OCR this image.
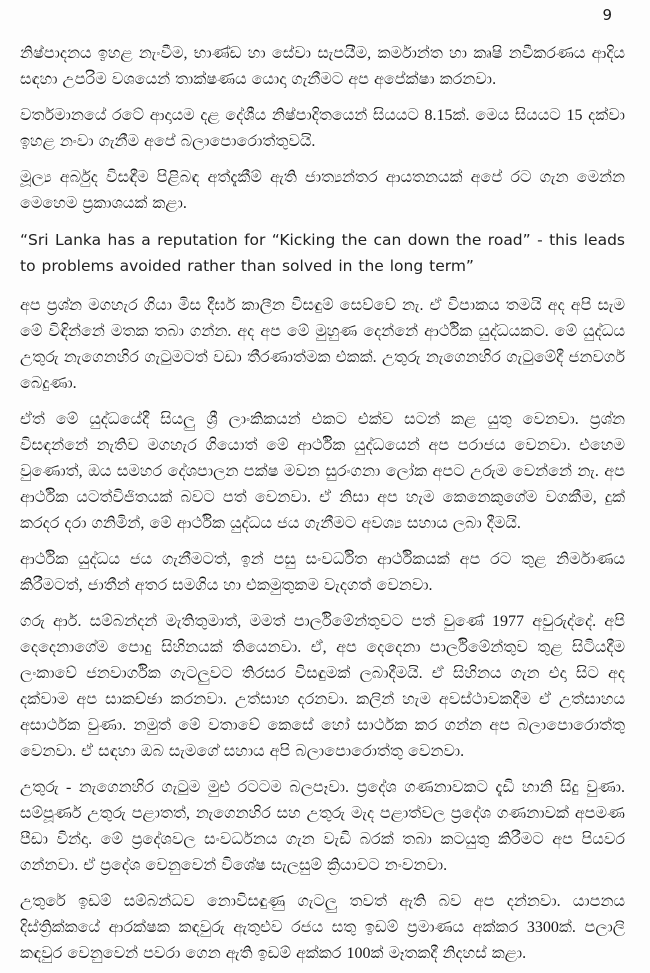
9

නිෂ්පාදනය ඉහළ නැංවීම, භාණ්ඩ හා සේවා සැපයීම, කර්මාන්ත හා කෘෂි නවීකරණය ආදිය සඳහා උපරිම වශයෙන් තාක්ෂණය යොදා ගැනීමට අප අපේක්ෂා කරනවා.

වර්තමානයේ රටේ ආදායම දළ දේශීය නිෂ්පාදිතයෙන් සියයට 8.15ක්. මෙය සියයට 15 දක්වා ඉහළ නංවා ගැනීම අපේ බලාපොරොත්තුවයි.

මූල්‍ය අර්බුද විසඳීම පිළිබඳ අත්දැකීම් ඇති ජාත්‍යන්තර ආයතනයක් අපේ රට ගැන මෙන්න මෙහෙම ප්‍රකාශයක් කළා.

“Sri Lanka has a reputation for “Kicking the can down the road” - this leads to problems avoided rather than solved in the long term”

අප ප්‍රශ්න මගහැර ගියා මිස දීර්ඝ කාලීන විසඳුම් සෙව්වේ නැ. ඒ විපාකය තමයි අද අපි සැම මේ විඳින්නේ මතක තබා ගන්න. අද අප මේ මුහුණ දෙන්නේ ආර්ථික යුද්ධයකට. මේ යුද්ධය උතුරු නැගෙනහිර ගැටුමටත් වඩා තීරණාත්මක එකක්. උතුරු නැගෙනහිර ගැටුමේදී ජනවර්ග බෙදුණා.

ඒත් මේ යුද්ධයේදී සියලු ශ්‍රී ලාංකිකයන් එකට එක්ව සටන් කළ යුතු වෙනවා. ප්‍රශ්න විසඳන්නේ නැතිව මගහැර ගියොත් මේ ආර්ථික යුද්ධයෙන් අප පරාජය වෙනවා. එහෙම වුණොත්, ඔය සමහර දේශපාලන පක්ෂ මවන සුරංගනා ලෝක අපට උරුම වෙන්නේ නැ. අප ආර්ථික යටත්විජිතයක් බවට පත් වෙනවා. ඒ නිසා අප හැම කෙනෙකුගේම වගකීම, දුක් කරදර දරා ගනිමින්, මේ ආර්ථික යුද්ධය ජය ගැනීමට අවශ්‍ය සහාය ලබා දීමයි.

ආර්ථික යුද්ධය ජය ගැනීමටත්, ඉන් පසු සංවර්ධිත ආර්ථිකයක් අප රට තුළ නිර්මාණය කිරීමටත්, ජාතීන් අතර සමගිය හා එකමුතුකම වැදගත් වෙනවා.

ගරු ආර්. සම්බන්දන් මැතිතුමාත්, මමත් පාර්ලිමේන්තුවට පත් වුණේ 1977 අවුරුද්දේ. අපි දෙදෙනාගේම පොදු සිහිනයක් තියෙනවා. ඒ, අප දෙදෙනා පාර්ලිමේන්තුව තුළ සිටියදීම ලංකාවේ ජනවාර්ගික ගැටලුවට තිරසර විසඳුමක් ලබාදීමයි. ඒ සිහිනය ගැන එදා සිට අද දක්වාම අප සාකච්ඡා කරනවා. උත්සාහ දරනවා. කලින් හැම අවස්ථාවකදීම ඒ උත්සාහය අසාර්ථක වුණා. නමුත් මේ වතාවේ කෙසේ හෝ සාර්ථක කර ගන්න අප බලාපොරොත්තු වෙනවා. ඒ සඳහා ඔබ සැමගේ සහාය අපි බලාපොරොත්තු වෙනවා.

උතුරු - නැගෙනහිර ගැටුම මුළු රටටම බලපෑවා. ප්‍රදේශ ගණනාවකට දැඩි හානි සිදු වුණා. සම්පූර්ණ උතුරු පළාතත්, නැගෙනහිර සහ උතුරු මැද පළාත්වල ප්‍රදේශ ගණනාවක් අපමණ පීඩා වින්දා. මේ ප්‍රදේශවල සංවර්ධනය ගැන වැඩි බරක් තබා කටයුතු කිරීමට අප පියවර ගන්නවා. ඒ ප්‍රදේශ වෙනුවෙන් විශේෂ සැලසුම් ක්‍රියාවට නංවනවා.

උතුරේ ඉඩම් සම්බන්ධව නොවිසඳුණු ගැටලු තවත් ඇති බව අප දන්නවා. යාපනය දිස්ත්‍රික්කයේ ආරක්ෂක කඳවුරු ඇතුළුව රජය සතු ඉඩම් ප්‍රමාණය අක්කර 3300ක්. පලාලි කඳවුර වෙනුවෙන් පවරා ගෙන ඇති ඉඩම් අක්කර 100ක් මෑතකදී නිදහස් කළා.
